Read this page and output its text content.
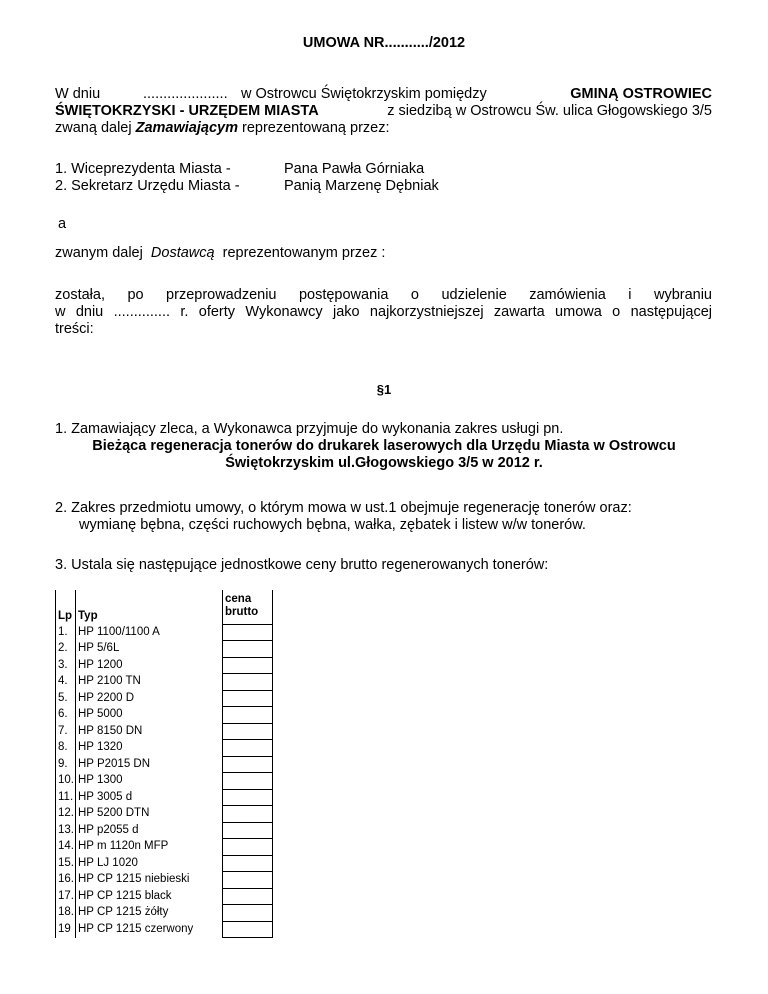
UMOWA NR.........../2012
W dniu	..................... w Ostrowcu Świętokrzyskim pomiędzy	GMINĄ OSTROWIEC
ŚWIĘTOKRZYSKI - URZĘDEM MIASTA	z siedzibą w Ostrowcu Św. ulica Głogowskiego 3/5
zwaną dalej Zamawiającym reprezentowaną przez:
1. Wiceprezydenta Miasta -	Pana Pawła Górniaka
2. Sekretarz Urzędu Miasta -	Panią Marzenę Dębniak
a
zwanym dalej Dostawcą reprezentowanym przez :
została, po przeprowadzeniu postępowania o udzielenie zamówienia i wybraniu
w dniu .............. r. oferty Wykonawcy jako najkorzystniejszej zawarta umowa o następującej
treści:
§1
1. Zamawiający zleca, a Wykonawca przyjmuje do wykonania zakres usługi pn.
Bieżąca regeneracja tonerów do drukarek laserowych dla Urzędu Miasta w Ostrowcu
Świętokrzyskim ul.Głogowskiego 3/5 w 2012 r.
2. Zakres przedmiotu umowy, o którym mowa w ust.1 obejmuje regenerację tonerów oraz:
wymianę bębna, części ruchowych bębna, wałka, zębatek i listew w/w tonerów.
3. Ustala się następujące jednostkowe ceny brutto regenerowanych tonerów:
Lp	Typ	cena
brutto
1.	HP 1100/1100 A	
2.	HP 5/6L	
3.	HP 1200	
4.	HP 2100 TN	
5.	HP 2200 D	
6.	HP 5000	
7.	HP 8150 DN	
8.	HP 1320	
9.	HP P2015 DN	
10.	HP 1300	
11.	HP 3005 d	
12.	HP 5200 DTN	
13.	HP p2055 d	
14.	HP m 1120n MFP	
15.	HP LJ 1020	
16.	HP CP 1215 niebieski	
17.	HP CP 1215 black	
18.	HP CP 1215 żółty	
19	HP CP 1215 czerwony	
